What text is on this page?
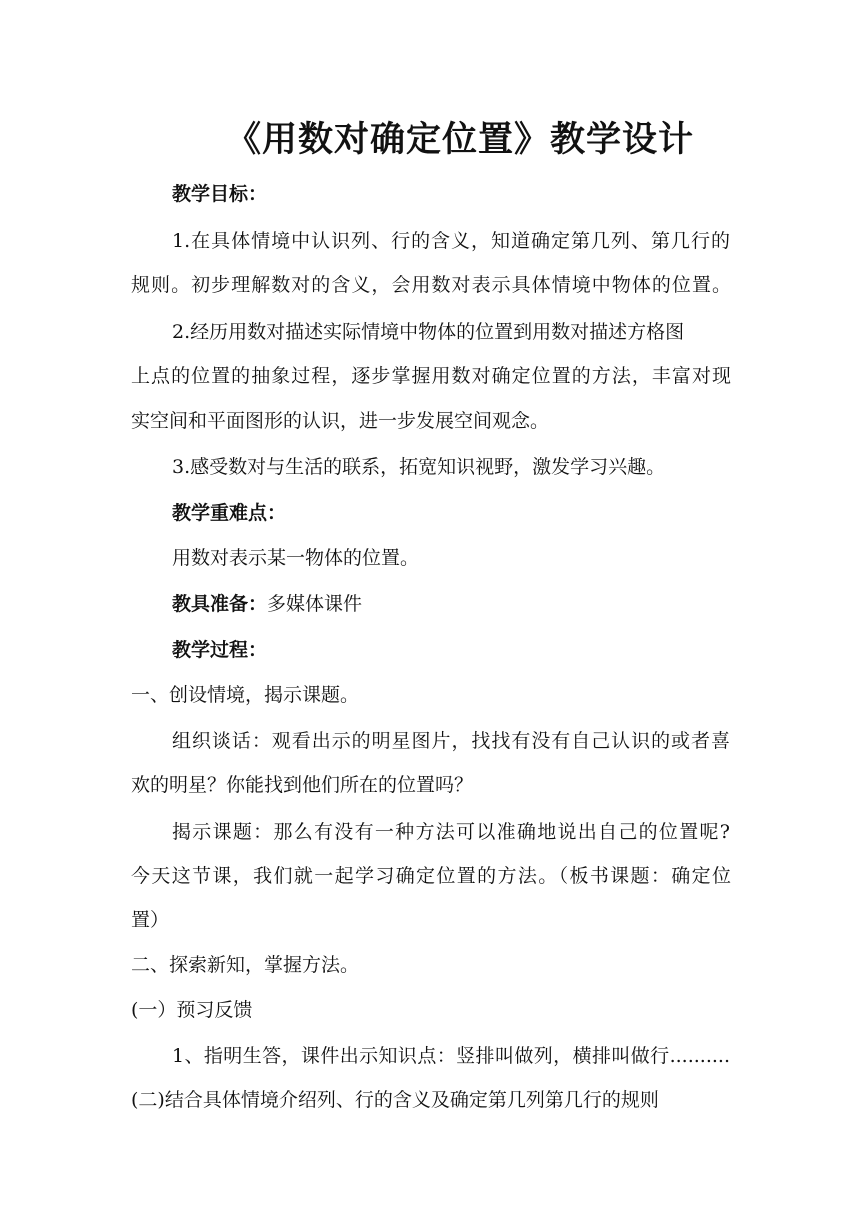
《用数对确定位置》教学设计

教学目标：

1.在具体情境中认识列、行的含义，知道确定第几列、第几行的

规则。初步理解数对的含义，会用数对表示具体情境中物体的位置。

2.经历用数对描述实际情境中物体的位置到用数对描述方格图

上点的位置的抽象过程，逐步掌握用数对确定位置的方法，丰富对现

实空间和平面图形的认识，进一步发展空间观念。

3.感受数对与生活的联系，拓宽知识视野，激发学习兴趣。

教学重难点：

用数对表示某一物体的位置。

教具准备：多媒体课件

教学过程：

一、创设情境，揭示课题。

组织谈话：观看出示的明星图片，找找有没有自己认识的或者喜

欢的明星？你能找到他们所在的位置吗？

揭示课题：那么有没有一种方法可以准确地说出自己的位置呢?

今天这节课，我们就一起学习确定位置的方法。（板书课题：确定位

置）

二、探索新知，掌握方法。

(一）预习反馈

1、指明生答，课件出示知识点：竖排叫做列，横排叫做行..........

(二)结合具体情境介绍列、行的含义及确定第几列第几行的规则
